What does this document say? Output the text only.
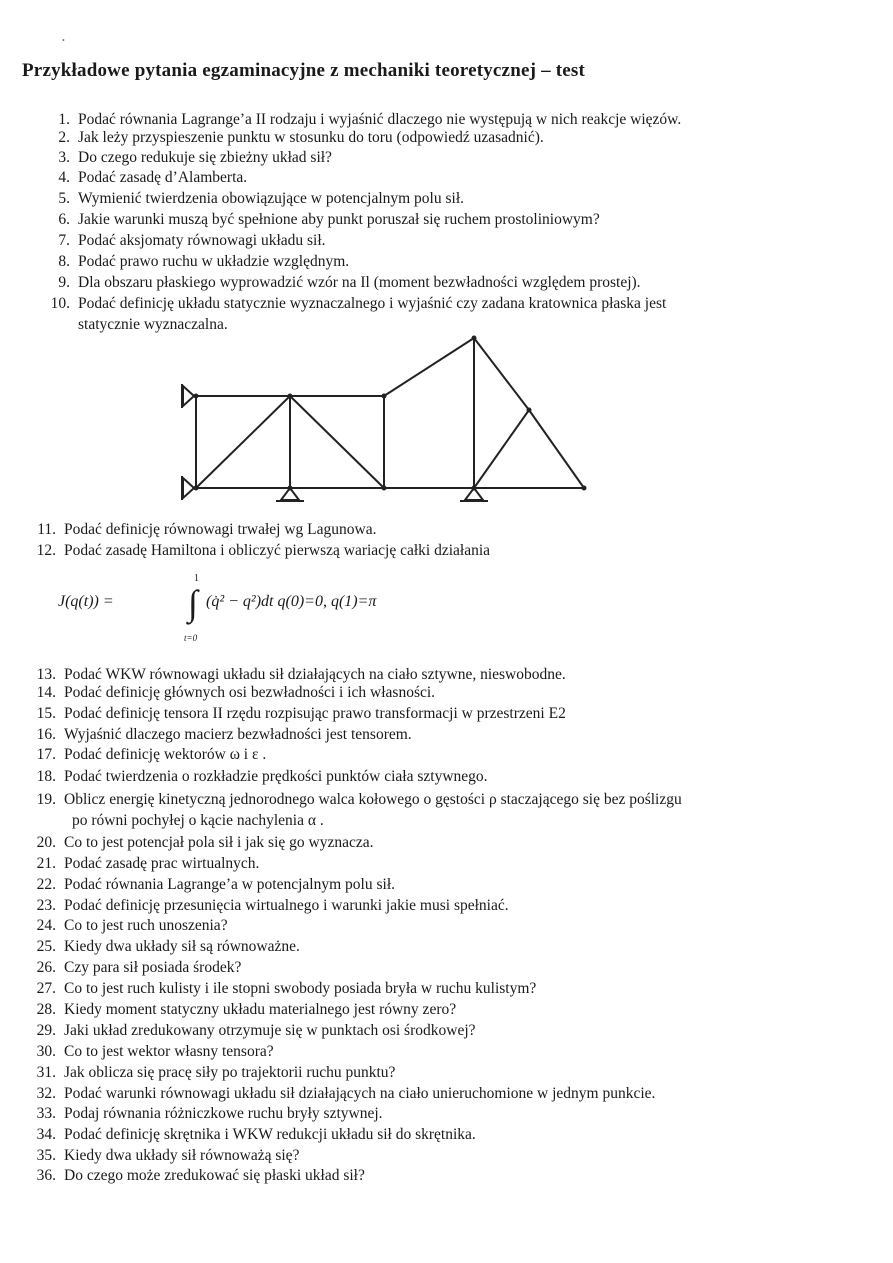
•
Przykładowe pytania egzaminacyjne z mechaniki teoretycznej – test
1. Podać równania Lagrange’a II rodzaju i wyjaśnić dlaczego nie występują w nich reakcje więzów.
2. Jak leży przyspieszenie punktu w stosunku do toru (odpowiedź uzasadnić).
3. Do czego redukuje się zbieżny układ sił?
4. Podać zasadę d’Alamberta.
5. Wymienić twierdzenia obowiązujące w potencjalnym polu sił.
6. Jakie warunki muszą być spełnione aby punkt poruszał się ruchem prostoliniowym?
7. Podać aksjomaty równowagi układu sił.
8. Podać prawo ruchu w układzie względnym.
9. Dla obszaru płaskiego wyprowadzić wzór na Il (moment bezwładności względem prostej).
10. Podać definicję układu statycznie wyznaczalnego i wyjaśnić czy zadana kratownica płaska jest
statycznie wyznaczalna.
11. Podać definicję równowagi trwałej wg Lagunowa.
12. Podać zasadę Hamiltona i obliczyć pierwszą wariację całki działania
J(q(t)) =
1
∫
t=0
(q̇² − q²)dt q(0)=0, q(1)=π
13. Podać WKW równowagi układu sił działających na ciało sztywne, nieswobodne.
14. Podać definicję głównych osi bezwładności i ich własności.
15. Podać definicję tensora II rzędu rozpisując prawo transformacji w przestrzeni E2
16. Wyjaśnić dlaczego macierz bezwładności jest tensorem.
17. Podać definicję wektorów ω i ε .
18. Podać twierdzenia o rozkładzie prędkości punktów ciała sztywnego.
19. Oblicz energię kinetyczną jednorodnego walca kołowego o gęstości ρ staczającego się bez poślizgu
po równi pochyłej o kącie nachylenia α .
20. Co to jest potencjał pola sił i jak się go wyznacza.
21. Podać zasadę prac wirtualnych.
22. Podać równania Lagrange’a w potencjalnym polu sił.
23. Podać definicję przesunięcia wirtualnego i warunki jakie musi spełniać.
24. Co to jest ruch unoszenia?
25. Kiedy dwa układy sił są równoważne.
26. Czy para sił posiada środek?
27. Co to jest ruch kulisty i ile stopni swobody posiada bryła w ruchu kulistym?
28. Kiedy moment statyczny układu materialnego jest równy zero?
29. Jaki układ zredukowany otrzymuje się w punktach osi środkowej?
30. Co to jest wektor własny tensora?
31. Jak oblicza się pracę siły po trajektorii ruchu punktu?
32. Podać warunki równowagi układu sił działających na ciało unieruchomione w jednym punkcie.
33. Podaj równania różniczkowe ruchu bryły sztywnej.
34. Podać definicję skrętnika i WKW redukcji układu sił do skrętnika.
35. Kiedy dwa układy sił równoważą się?
36. Do czego może zredukować się płaski układ sił?
